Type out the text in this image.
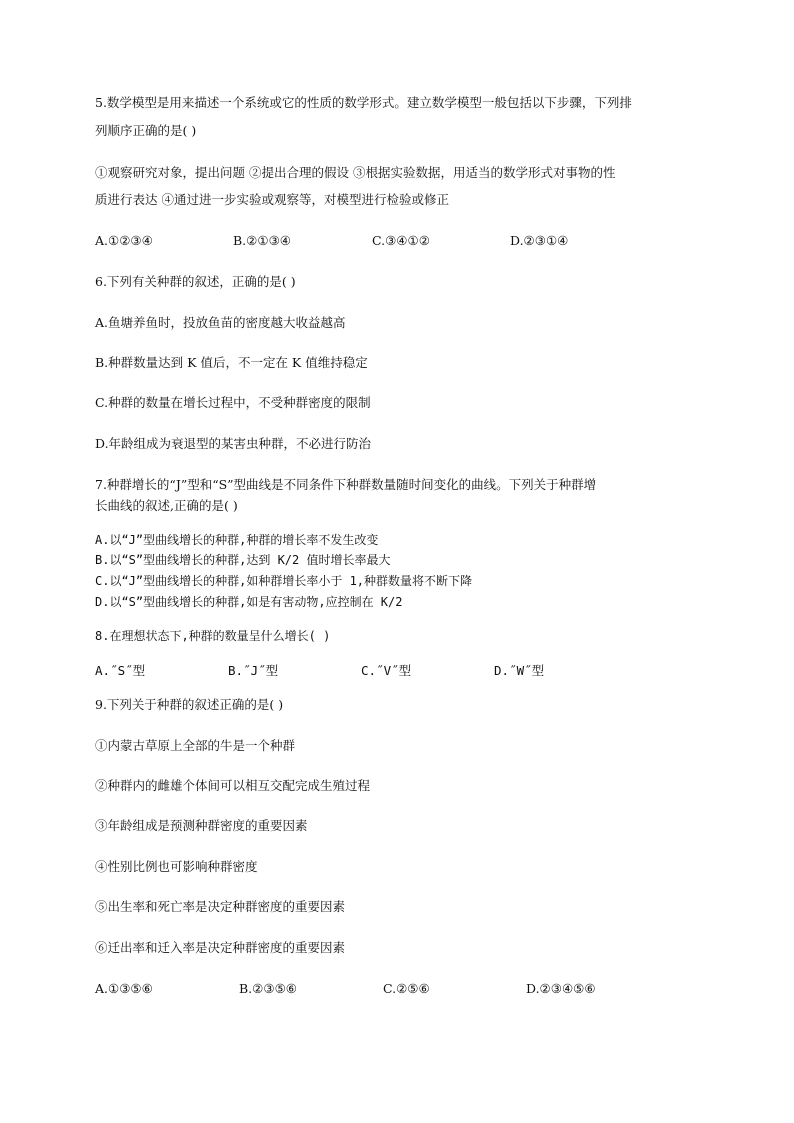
5.数学模型是用来描述一个系统或它的性质的数学形式。建立数学模型一般包括以下步骤，下列排
列顺序正确的是( )
①观察研究对象，提出问题 ②提出合理的假设 ③根据实验数据，用适当的数学形式对事物的性
质进行表达 ④通过进一步实验或观察等，对模型进行检验或修正
A.①②③④	B.②①③④	C.③④①②	D.②③①④
6.下列有关种群的叙述，正确的是( )
A.鱼塘养鱼时，投放鱼苗的密度越大收益越高
B.种群数量达到 K 值后，不一定在 K 值维持稳定
C.种群的数量在增长过程中，不受种群密度的限制
D.年龄组成为衰退型的某害虫种群，不必进行防治
7.种群增长的“J”型和“S”型曲线是不同条件下种群数量随时间变化的曲线。下列关于种群增
长曲线的叙述,正确的是( )
A.以“J”型曲线增长的种群,种群的增长率不发生改变
B.以“S”型曲线增长的种群,达到 K/2 值时增长率最大
C.以“J”型曲线增长的种群,如种群增长率小于 1,种群数量将不断下降
D.以“S”型曲线增长的种群,如是有害动物,应控制在 K/2
8.在理想状态下,种群的数量呈什么增长( )
A.˝S˝型	B.˝J˝型	C.˝V˝型	D.˝W˝型
9.下列关于种群的叙述正确的是( )
①内蒙古草原上全部的牛是一个种群
②种群内的雌雄个体间可以相互交配完成生殖过程
③年龄组成是预测种群密度的重要因素
④性别比例也可影响种群密度
⑤出生率和死亡率是决定种群密度的重要因素
⑥迁出率和迁入率是决定种群密度的重要因素
A.①③⑤⑥	B.②③⑤⑥	C.②⑤⑥	D.②③④⑤⑥
